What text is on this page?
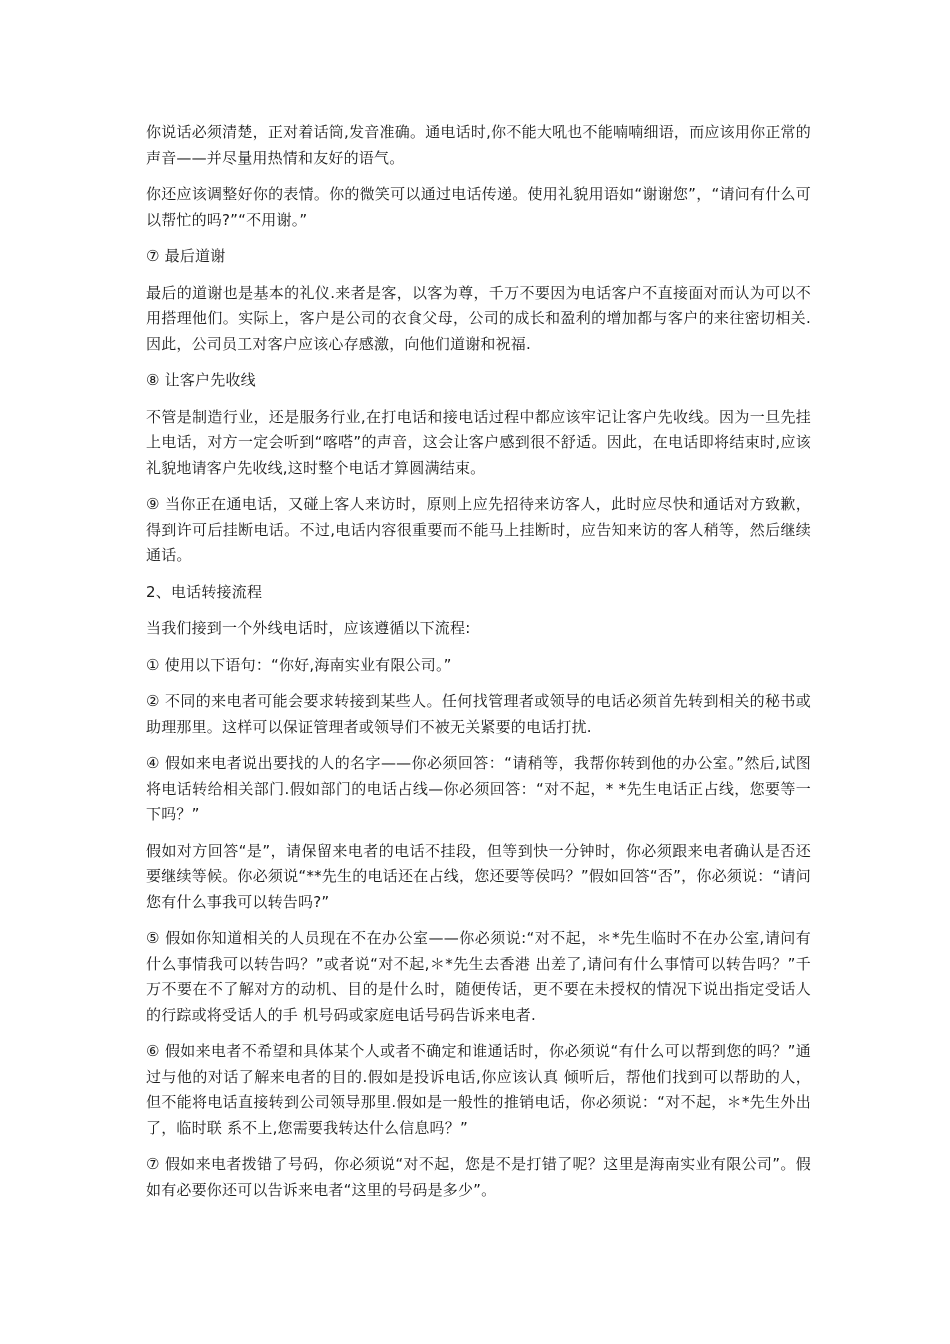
你说话必须清楚，正对着话筒,发音准确。通电话时,你不能大吼也不能喃喃细语，而应该用你正常的声音——并尽量用热情和友好的语气。

你还应该调整好你的表情。你的微笑可以通过电话传递。使用礼貌用语如“谢谢您”，“请问有什么可以帮忙的吗?”“不用谢。”

⑦ 最后道谢

最后的道谢也是基本的礼仪.来者是客，以客为尊，千万不要因为电话客户不直接面对而认为可以不用搭理他们。实际上，客户是公司的衣食父母，公司的成长和盈利的增加都与客户的来往密切相关.因此，公司员工对客户应该心存感激，向他们道谢和祝福.

⑧ 让客户先收线

不管是制造行业，还是服务行业,在打电话和接电话过程中都应该牢记让客户先收线。因为一旦先挂上电话，对方一定会听到“喀嗒”的声音，这会让客户感到很不舒适。因此，在电话即将结束时,应该礼貌地请客户先收线,这时整个电话才算圆满结束。

⑨ 当你正在通电话，又碰上客人来访时，原则上应先招待来访客人，此时应尽快和通话对方致歉，得到许可后挂断电话。不过,电话内容很重要而不能马上挂断时，应告知来访的客人稍等，然后继续通话。

2、电话转接流程

当我们接到一个外线电话时，应该遵循以下流程:

① 使用以下语句：“你好,海南实业有限公司。”

② 不同的来电者可能会要求转接到某些人。任何找管理者或领导的电话必须首先转到相关的秘书或助理那里。这样可以保证管理者或领导们不被无关紧要的电话打扰.

④ 假如来电者说出要找的人的名字——你必须回答：“请稍等，我帮你转到他的办公室。”然后,试图将电话转给相关部门.假如部门的电话占线—你必须回答：“对不起，* *先生电话正占线，您要等一下吗？”

假如对方回答“是”，请保留来电者的电话不挂段，但等到快一分钟时，你必须跟来电者确认是否还要继续等候。你必须说“**先生的电话还在占线，您还要等侯吗？”假如回答“否”，你必须说：“请问您有什么事我可以转告吗?”

⑤ 假如你知道相关的人员现在不在办公室——你必须说:“对不起，＊*先生临时不在办公室,请问有什么事情我可以转告吗？”或者说“对不起,＊*先生去香港 出差了,请问有什么事情可以转告吗？”千万不要在不了解对方的动机、目的是什么时，随便传话，更不要在未授权的情况下说出指定受话人的行踪或将受话人的手 机号码或家庭电话号码告诉来电者.

⑥ 假如来电者不希望和具体某个人或者不确定和谁通话时，你必须说“有什么可以帮到您的吗？”通过与他的对话了解来电者的目的.假如是投诉电话,你应该认真 倾听后，帮他们找到可以帮助的人，但不能将电话直接转到公司领导那里.假如是一般性的推销电话，你必须说：“对不起，＊*先生外出了，临时联 系不上,您需要我转达什么信息吗？”

⑦ 假如来电者拨错了号码，你必须说“对不起，您是不是打错了呢？这里是海南实业有限公司”。假如有必要你还可以告诉来电者“这里的号码是多少”。
